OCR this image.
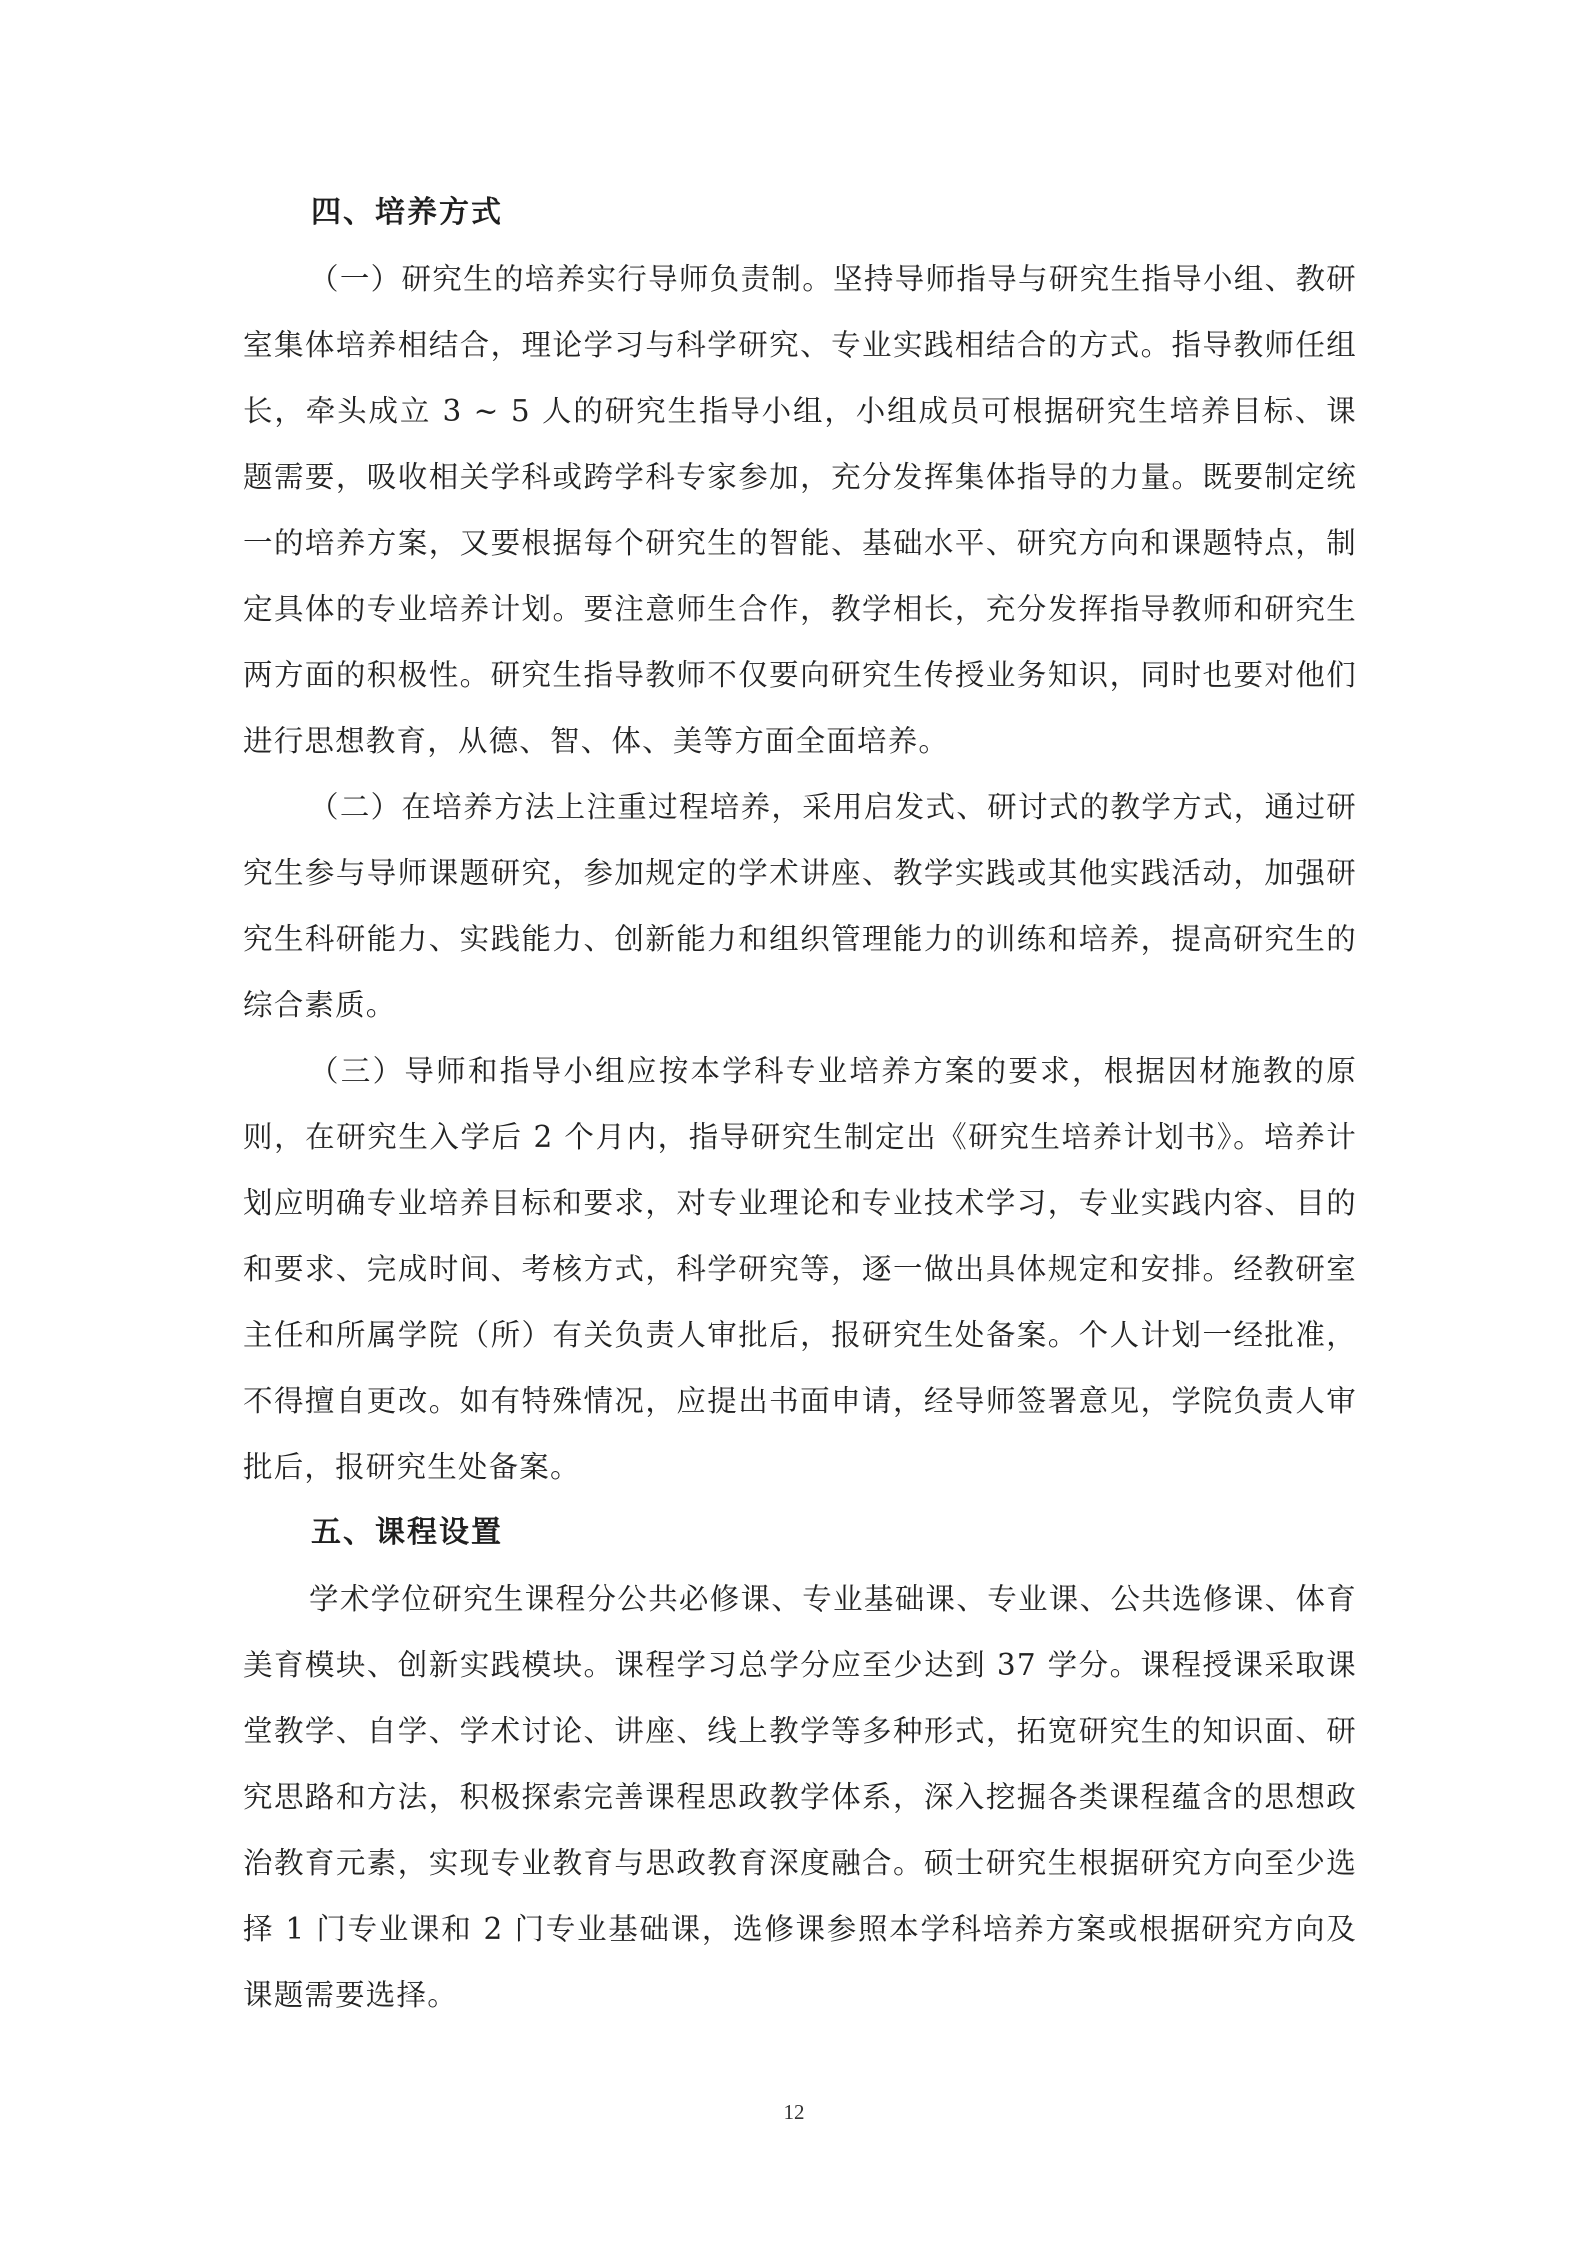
四、培养方式

（一）研究生的培养实行导师负责制。坚持导师指导与研究生指导小组、教研室集体培养相结合，理论学习与科学研究、专业实践相结合的方式。指导教师任组长，牵头成立 3 ~ 5 人的研究生指导小组，小组成员可根据研究生培养目标、课题需要，吸收相关学科或跨学科专家参加，充分发挥集体指导的力量。既要制定统一的培养方案，又要根据每个研究生的智能、基础水平、研究方向和课题特点，制定具体的专业培养计划。要注意师生合作，教学相长，充分发挥指导教师和研究生两方面的积极性。研究生指导教师不仅要向研究生传授业务知识，同时也要对他们进行思想教育，从德、智、体、美等方面全面培养。

（二）在培养方法上注重过程培养，采用启发式、研讨式的教学方式，通过研究生参与导师课题研究，参加规定的学术讲座、教学实践或其他实践活动，加强研究生科研能力、实践能力、创新能力和组织管理能力的训练和培养，提高研究生的综合素质。

（三）导师和指导小组应按本学科专业培养方案的要求，根据因材施教的原则，在研究生入学后 2 个月内，指导研究生制定出《研究生培养计划书》。培养计划应明确专业培养目标和要求，对专业理论和专业技术学习，专业实践内容、目的和要求、完成时间、考核方式，科学研究等，逐一做出具体规定和安排。经教研室主任和所属学院（所）有关负责人审批后，报研究生处备案。个人计划一经批准，不得擅自更改。如有特殊情况，应提出书面申请，经导师签署意见，学院负责人审批后，报研究生处备案。

五、课程设置

学术学位研究生课程分公共必修课、专业基础课、专业课、公共选修课、体育美育模块、创新实践模块。课程学习总学分应至少达到 37 学分。课程授课采取课堂教学、自学、学术讨论、讲座、线上教学等多种形式，拓宽研究生的知识面、研究思路和方法，积极探索完善课程思政教学体系，深入挖掘各类课程蕴含的思想政治教育元素，实现专业教育与思政教育深度融合。硕士研究生根据研究方向至少选择 1 门专业课和 2 门专业基础课，选修课参照本学科培养方案或根据研究方向及课题需要选择。

12
